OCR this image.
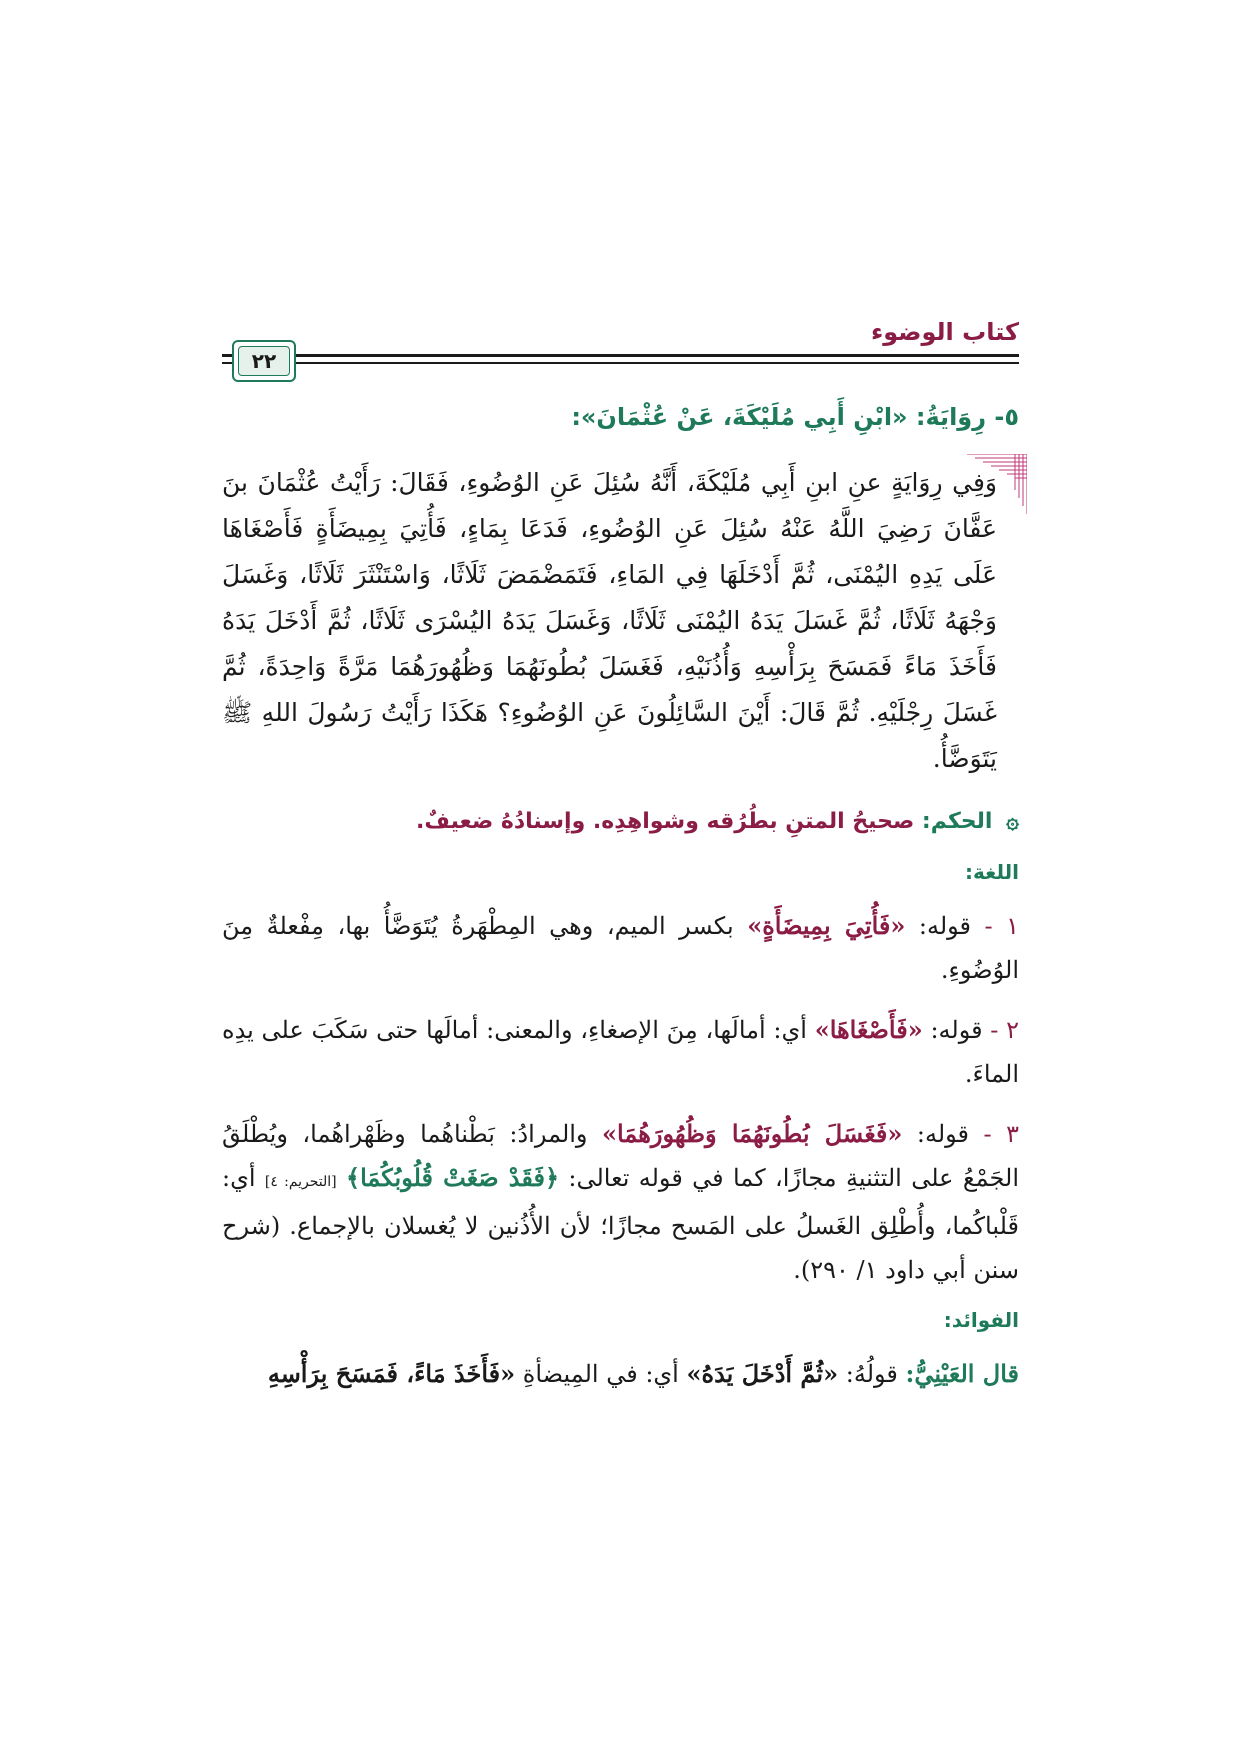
كتاب الوضوء
٢٢
٥- رِوَايَةُ: «ابْنِ أَبِي مُلَيْكَةَ، عَنْ عُثْمَانَ»:

وَفِي رِوَايَةٍ عنِ ابنِ أَبِي مُلَيْكَةَ، أَنَّهُ سُئِلَ عَنِ الوُضُوءِ، فَقَالَ: رَأَيْتُ عُثْمَانَ بنَ عَفَّانَ رَضِيَ اللَّهُ عَنْهُ سُئِلَ عَنِ الوُضُوءِ، فَدَعَا بِمَاءٍ، فَأُتِيَ بِمِيضَأَةٍ فَأَصْغَاهَا عَلَى يَدِهِ اليُمْنَى، ثُمَّ أَدْخَلَهَا فِي المَاءِ، فَتَمَضْمَضَ ثَلَاثًا، وَاسْتَنْثَرَ ثَلَاثًا، وَغَسَلَ وَجْهَهُ ثَلَاثًا، ثُمَّ غَسَلَ يَدَهُ اليُمْنَى ثَلَاثًا، وَغَسَلَ يَدَهُ اليُسْرَى ثَلَاثًا، ثُمَّ أَدْخَلَ يَدَهُ فَأَخَذَ مَاءً فَمَسَحَ بِرَأْسِهِ وَأُذُنَيْهِ، فَغَسَلَ بُطُونَهُمَا وَظُهُورَهُمَا مَرَّةً وَاحِدَةً، ثُمَّ غَسَلَ رِجْلَيْهِ. ثُمَّ قَالَ: أَيْنَ السَّائِلُونَ عَنِ الوُضُوءِ؟ هَكَذَا رَأَيْتُ رَسُولَ اللهِ ﷺ يَتَوَضَّأُ.

۞ الحكم: صحيحُ المتنِ بطُرُقه وشواهِدِه. وإسنادُهُ ضعيفٌ.
اللغة:

١ - قوله: «فَأُتِيَ بِمِيضَأَةٍ» بكسر الميم، وهي المِطْهَرةُ يُتَوَضَّأُ بها، مِفْعلةٌ مِنَ الوُضُوءِ.

٢ - قوله: «فَأَصْغَاهَا» أي: أمالَها، مِنَ الإصغاءِ، والمعنى: أمالَها حتى سَكَبَ على يدِه الماءَ.

٣ - قوله: «فَغَسَلَ بُطُونَهُمَا وَظُهُورَهُمَا» والمرادُ: بَطْناهُما وظَهْراهُما، ويُطْلَقُ الجَمْعُ على التثنيةِ مجازًا، كما في قوله تعالى: ﴿فَقَدْ صَغَتْ قُلُوبُكُمَا﴾ [التحريم: ٤] أي: قَلْباكُما، وأُطْلِق الغَسلُ على المَسح مجازًا؛ لأن الأُذُنين لا يُغسلان بالإجماع. (شرح سنن أبي داود ١/ ٢٩٠).

الفوائد:

قال العَيْنِيُّ: قولُهُ: «ثُمَّ أَدْخَلَ يَدَهُ» أي: في المِيضأةِ «فَأَخَذَ مَاءً، فَمَسَحَ بِرَأْسِهِ
